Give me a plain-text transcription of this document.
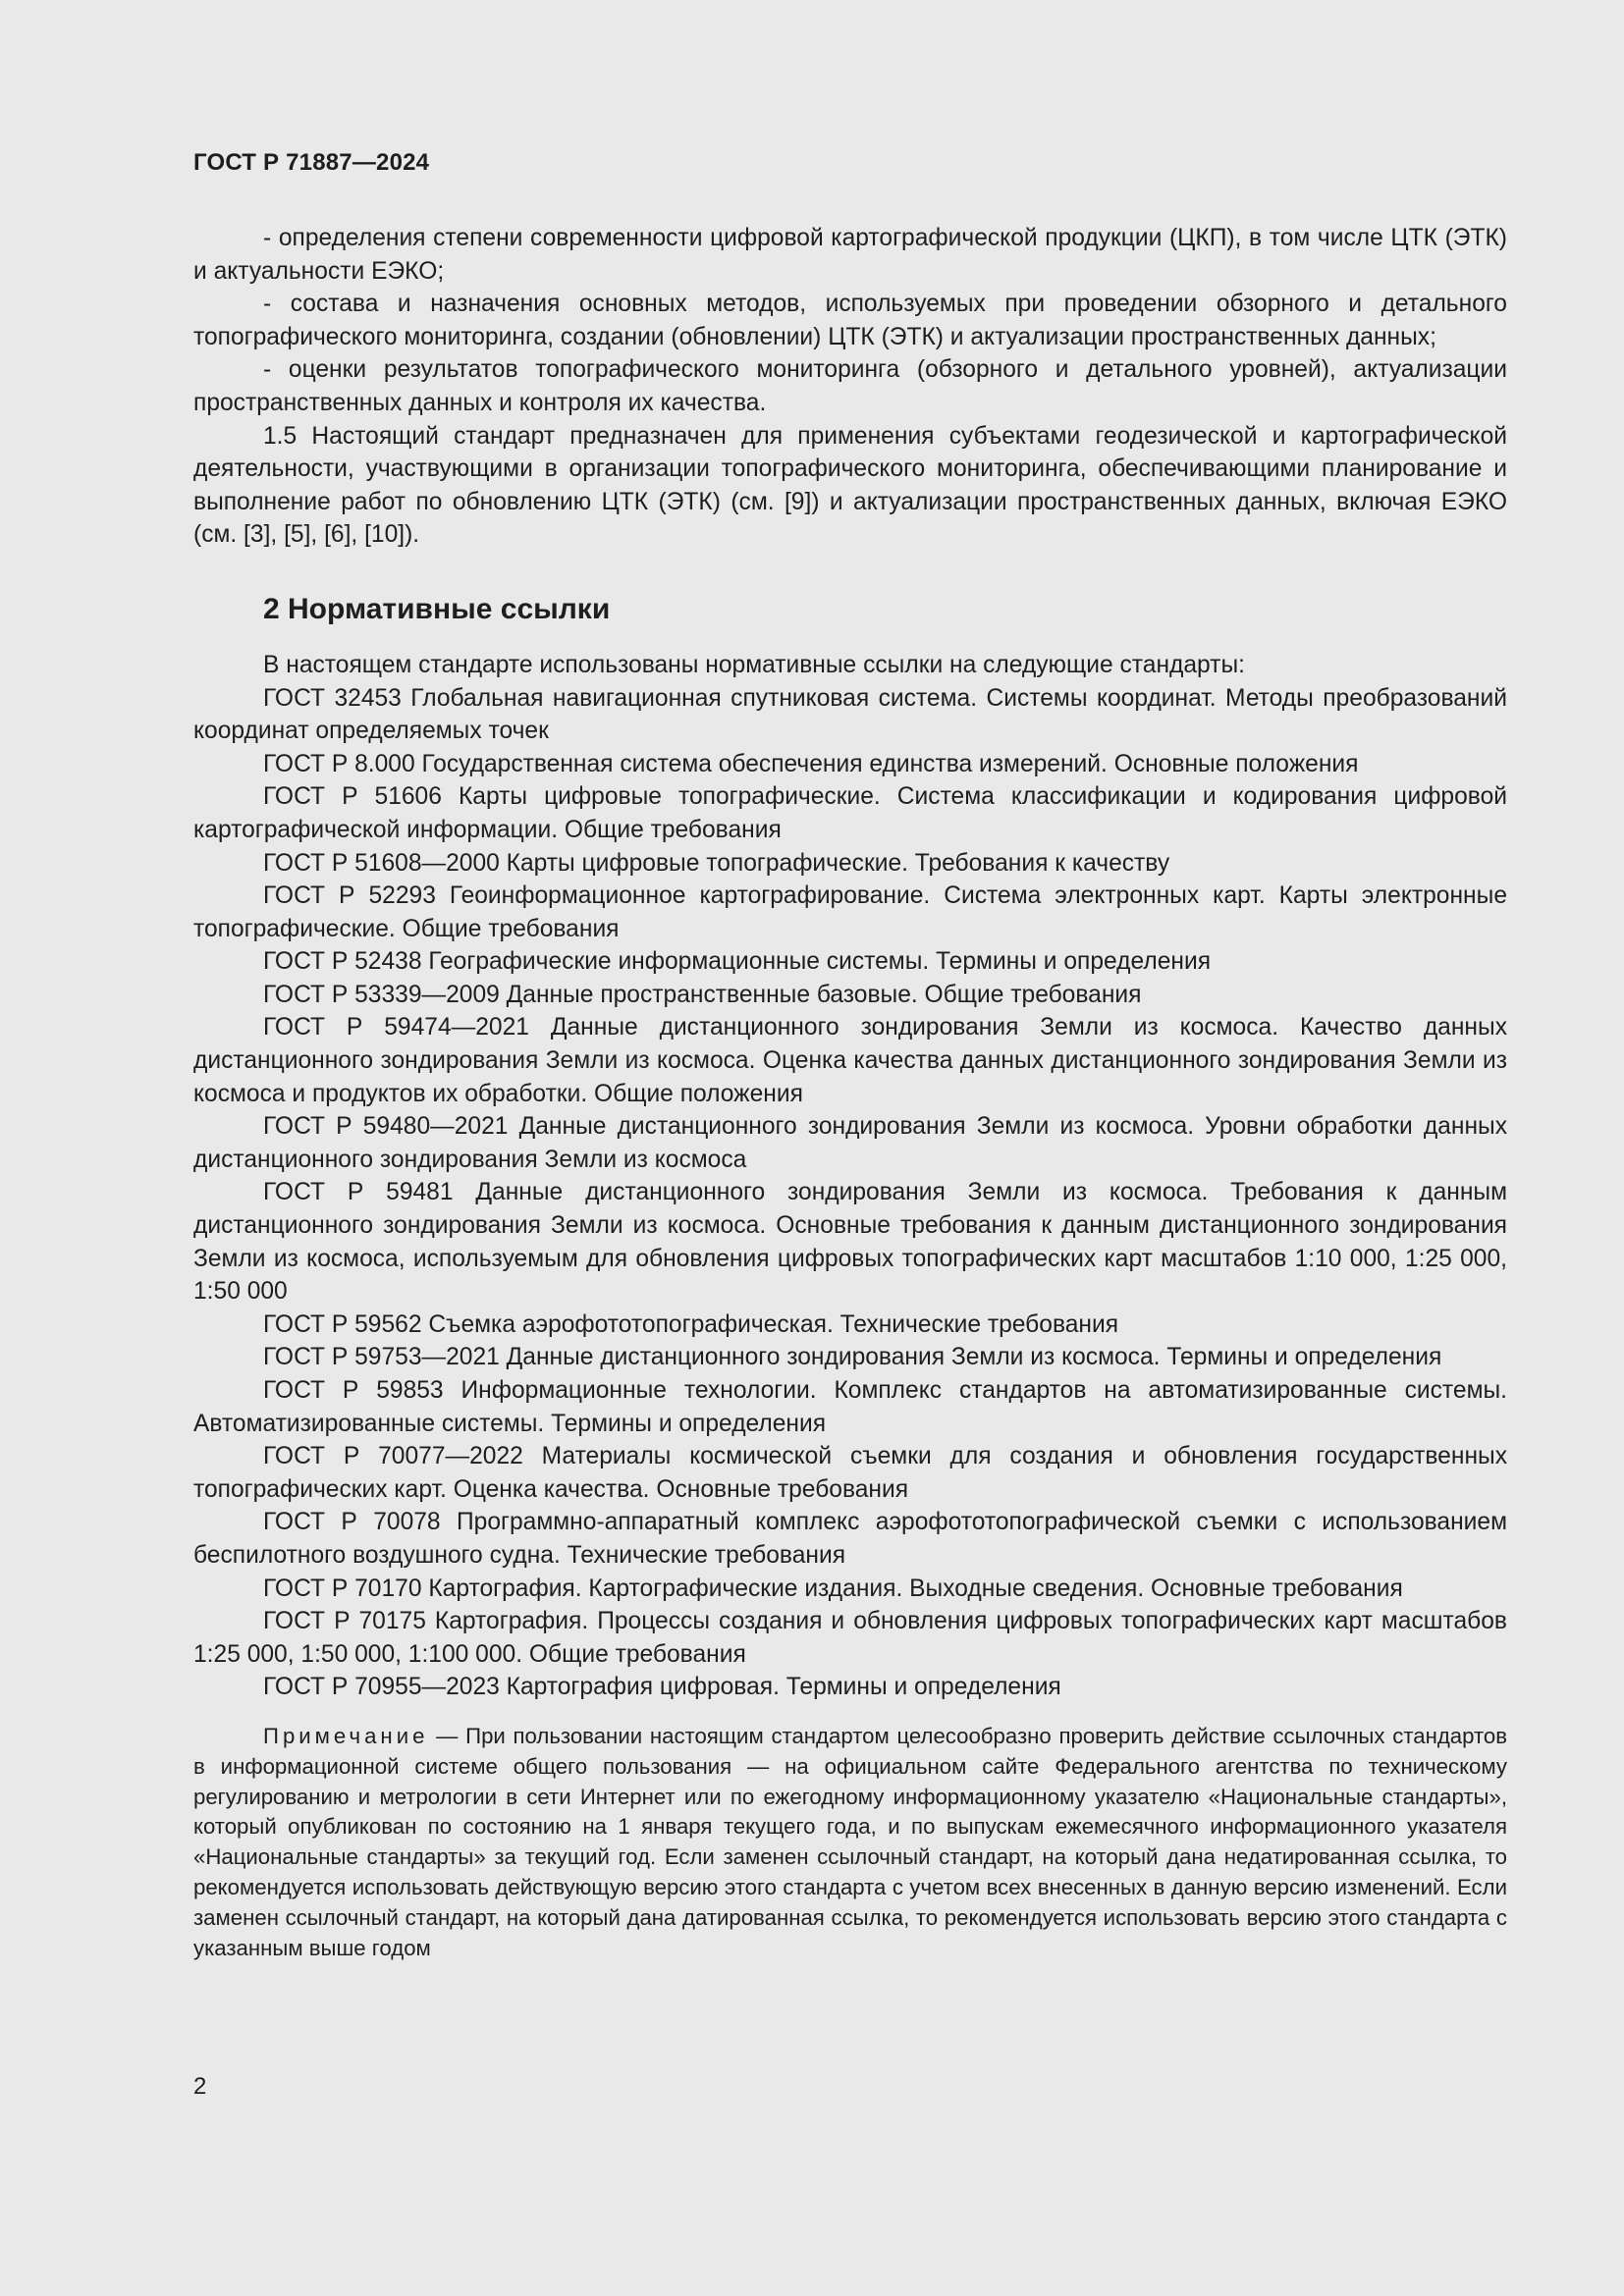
ГОСТ Р 71887—2024

- определения степени современности цифровой картографической продукции (ЦКП), в том числе ЦТК (ЭТК) и актуальности ЕЭКО;

- состава и назначения основных методов, используемых при проведении обзорного и детального топографического мониторинга, создании (обновлении) ЦТК (ЭТК) и актуализации пространственных данных;

- оценки результатов топографического мониторинга (обзорного и детального уровней), актуализации пространственных данных и контроля их качества.

1.5 Настоящий стандарт предназначен для применения субъектами геодезической и картографической деятельности, участвующими в организации топографического мониторинга, обеспечивающими планирование и выполнение работ по обновлению ЦТК (ЭТК) (см. [9]) и актуализации пространственных данных, включая ЕЭКО (см. [3], [5], [6], [10]).

2 Нормативные ссылки

В настоящем стандарте использованы нормативные ссылки на следующие стандарты:

ГОСТ 32453 Глобальная навигационная спутниковая система. Системы координат. Методы преобразований координат определяемых точек

ГОСТ Р 8.000 Государственная система обеспечения единства измерений. Основные положения

ГОСТ Р 51606 Карты цифровые топографические. Система классификации и кодирования цифровой картографической информации. Общие требования

ГОСТ Р 51608—2000 Карты цифровые топографические. Требования к качеству

ГОСТ Р 52293 Геоинформационное картографирование. Система электронных карт. Карты электронные топографические. Общие требования

ГОСТ Р 52438 Географические информационные системы. Термины и определения

ГОСТ Р 53339—2009 Данные пространственные базовые. Общие требования

ГОСТ Р 59474—2021 Данные дистанционного зондирования Земли из космоса. Качество данных дистанционного зондирования Земли из космоса. Оценка качества данных дистанционного зондирования Земли из космоса и продуктов их обработки. Общие положения

ГОСТ Р 59480—2021 Данные дистанционного зондирования Земли из космоса. Уровни обработки данных дистанционного зондирования Земли из космоса

ГОСТ Р 59481 Данные дистанционного зондирования Земли из космоса. Требования к данным дистанционного зондирования Земли из космоса. Основные требования к данным дистанционного зондирования Земли из космоса, используемым для обновления цифровых топографических карт масштабов 1:10 000, 1:25 000, 1:50 000

ГОСТ Р 59562 Съемка аэрофототопографическая. Технические требования

ГОСТ Р 59753—2021 Данные дистанционного зондирования Земли из космоса. Термины и определения

ГОСТ Р 59853 Информационные технологии. Комплекс стандартов на автоматизированные системы. Автоматизированные системы. Термины и определения

ГОСТ Р 70077—2022 Материалы космической съемки для создания и обновления государственных топографических карт. Оценка качества. Основные требования

ГОСТ Р 70078 Программно-аппаратный комплекс аэрофототопографической съемки с использованием беспилотного воздушного судна. Технические требования

ГОСТ Р 70170 Картография. Картографические издания. Выходные сведения. Основные требования

ГОСТ Р 70175 Картография. Процессы создания и обновления цифровых топографических карт масштабов 1:25 000, 1:50 000, 1:100 000. Общие требования

ГОСТ Р 70955—2023 Картография цифровая. Термины и определения

Примечание — При пользовании настоящим стандартом целесообразно проверить действие ссылочных стандартов в информационной системе общего пользования — на официальном сайте Федерального агентства по техническому регулированию и метрологии в сети Интернет или по ежегодному информационному указателю «Национальные стандарты», который опубликован по состоянию на 1 января текущего года, и по выпускам ежемесячного информационного указателя «Национальные стандарты» за текущий год. Если заменен ссылочный стандарт, на который дана недатированная ссылка, то рекомендуется использовать действующую версию этого стандарта с учетом всех внесенных в данную версию изменений. Если заменен ссылочный стандарт, на который дана датированная ссылка, то рекомендуется использовать версию этого стандарта с указанным выше годом

2
